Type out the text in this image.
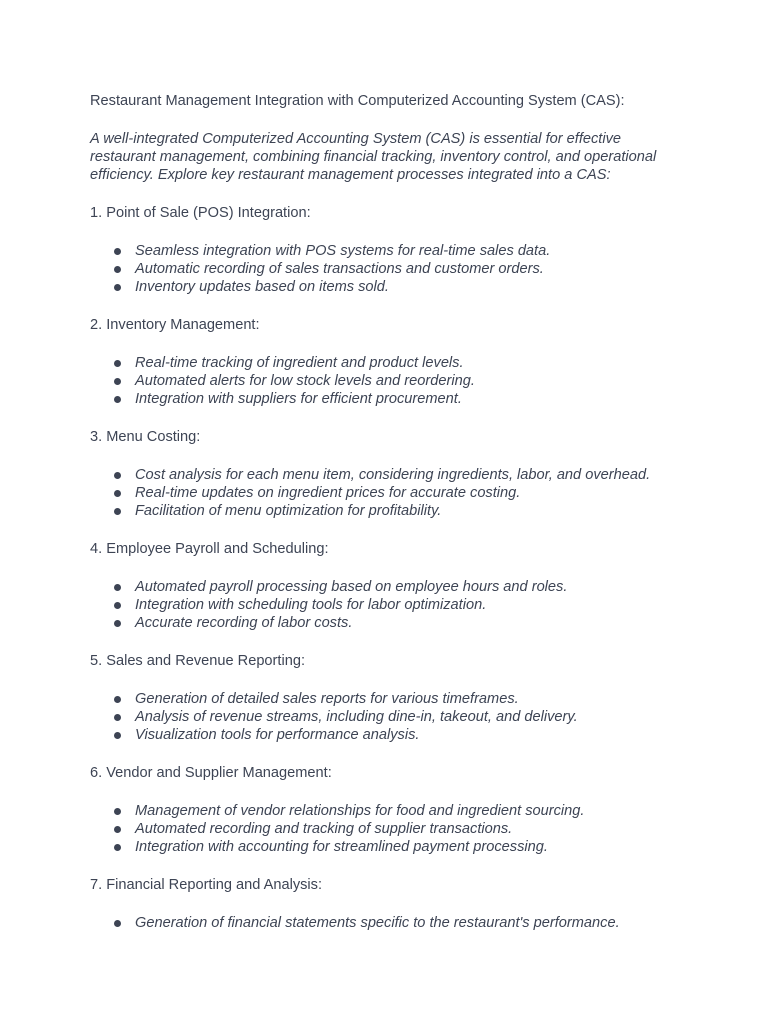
Restaurant Management Integration with Computerized Accounting System (CAS):

A well-integrated Computerized Accounting System (CAS) is essential for effective restaurant management, combining financial tracking, inventory control, and operational efficiency. Explore key restaurant management processes integrated into a CAS:

1. Point of Sale (POS) Integration:

Seamless integration with POS systems for real-time sales data.
Automatic recording of sales transactions and customer orders.
Inventory updates based on items sold.

2. Inventory Management:

Real-time tracking of ingredient and product levels.
Automated alerts for low stock levels and reordering.
Integration with suppliers for efficient procurement.

3. Menu Costing:

Cost analysis for each menu item, considering ingredients, labor, and overhead.
Real-time updates on ingredient prices for accurate costing.
Facilitation of menu optimization for profitability.

4. Employee Payroll and Scheduling:

Automated payroll processing based on employee hours and roles.
Integration with scheduling tools for labor optimization.
Accurate recording of labor costs.

5. Sales and Revenue Reporting:

Generation of detailed sales reports for various timeframes.
Analysis of revenue streams, including dine-in, takeout, and delivery.
Visualization tools for performance analysis.

6. Vendor and Supplier Management:

Management of vendor relationships for food and ingredient sourcing.
Automated recording and tracking of supplier transactions.
Integration with accounting for streamlined payment processing.

7. Financial Reporting and Analysis:

Generation of financial statements specific to the restaurant's performance.
